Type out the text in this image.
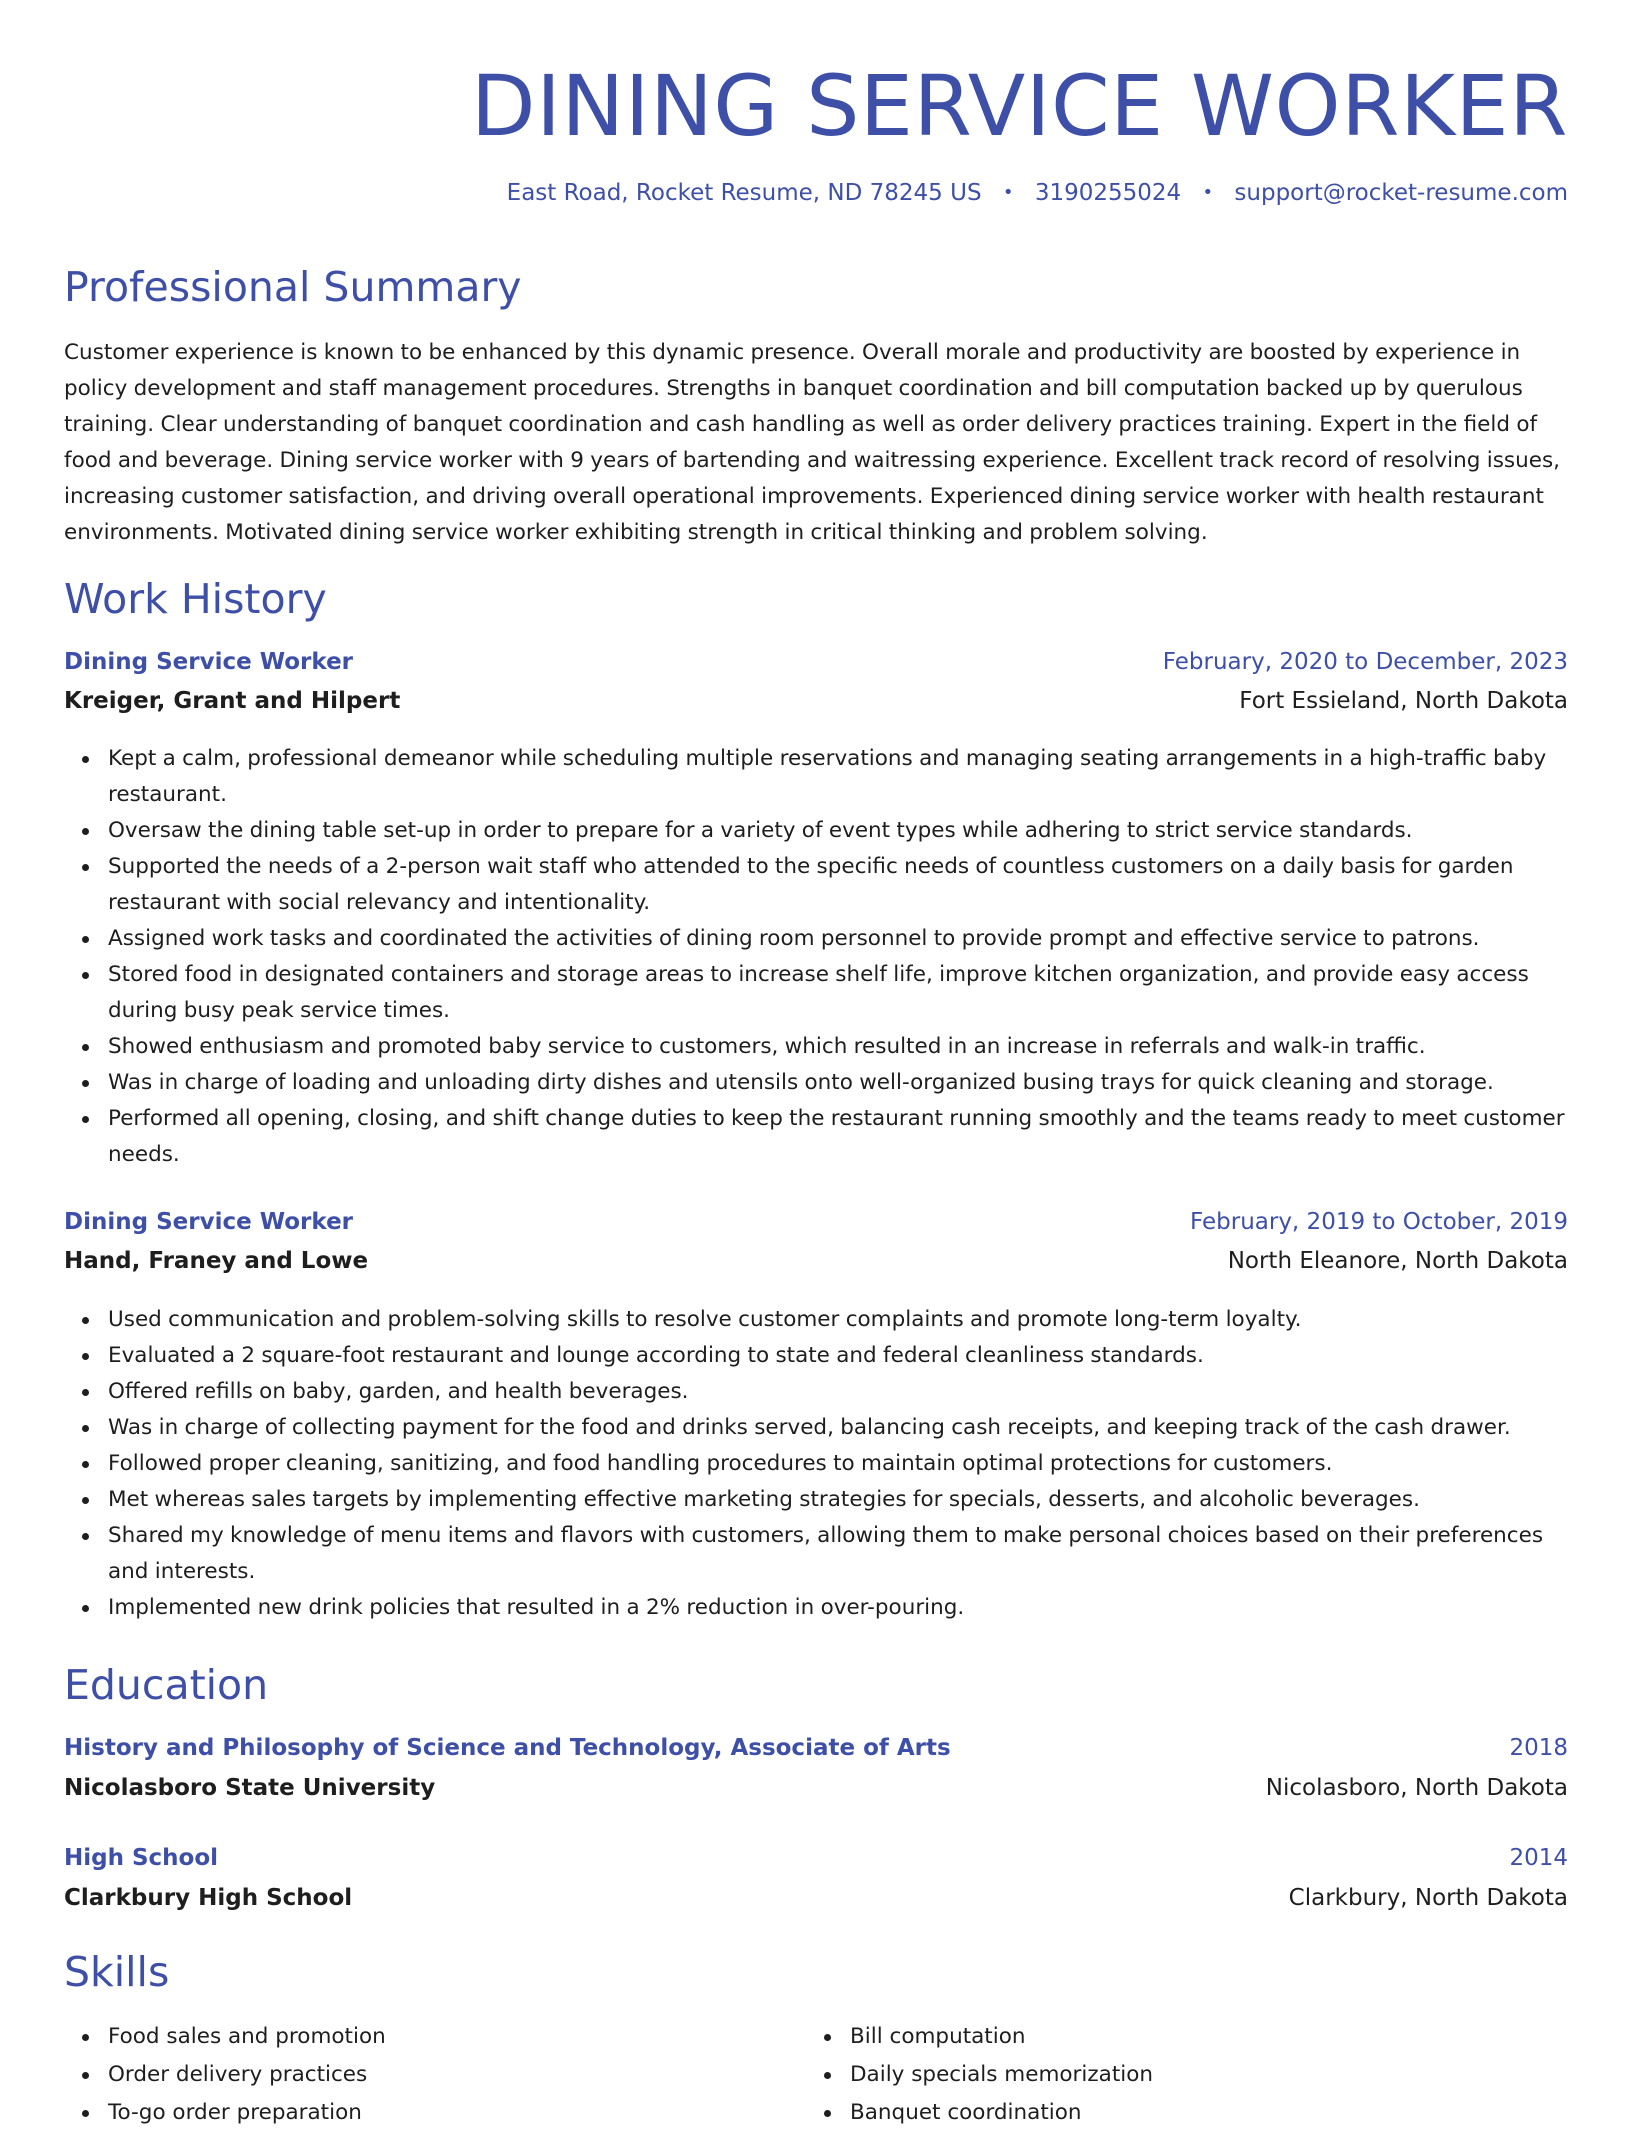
DINING SERVICE WORKER
East Road, Rocket Resume, ND 78245 US • 3190255024 • support@rocket-resume.com
Professional Summary

Customer experience is known to be enhanced by this dynamic presence. Overall morale and productivity are boosted by experience in policy development and staff management procedures. Strengths in banquet coordination and bill computation backed up by querulous training. Clear understanding of banquet coordination and cash handling as well as order delivery practices training. Expert in the field of food and beverage. Dining service worker with 9 years of bartending and waitressing experience. Excellent track record of resolving issues, increasing customer satisfaction, and driving overall operational improvements. Experienced dining service worker with health restaurant environments. Motivated dining service worker exhibiting strength in critical thinking and problem solving.

Work History
Dining Service Worker	February, 2020 to December, 2023
Kreiger, Grant and Hilpert	Fort Essieland, North Dakota
Kept a calm, professional demeanor while scheduling multiple reservations and managing seating arrangements in a high-traffic baby restaurant.
Oversaw the dining table set-up in order to prepare for a variety of event types while adhering to strict service standards.
Supported the needs of a 2-person wait staff who attended to the specific needs of countless customers on a daily basis for garden restaurant with social relevancy and intentionality.
Assigned work tasks and coordinated the activities of dining room personnel to provide prompt and effective service to patrons.
Stored food in designated containers and storage areas to increase shelf life, improve kitchen organization, and provide easy access during busy peak service times.
Showed enthusiasm and promoted baby service to customers, which resulted in an increase in referrals and walk-in traffic.
Was in charge of loading and unloading dirty dishes and utensils onto well-organized busing trays for quick cleaning and storage.
Performed all opening, closing, and shift change duties to keep the restaurant running smoothly and the teams ready to meet customer needs.
Dining Service Worker	February, 2019 to October, 2019
Hand, Franey and Lowe	North Eleanore, North Dakota
Used communication and problem-solving skills to resolve customer complaints and promote long-term loyalty.
Evaluated a 2 square-foot restaurant and lounge according to state and federal cleanliness standards.
Offered refills on baby, garden, and health beverages.
Was in charge of collecting payment for the food and drinks served, balancing cash receipts, and keeping track of the cash drawer.
Followed proper cleaning, sanitizing, and food handling procedures to maintain optimal protections for customers.
Met whereas sales targets by implementing effective marketing strategies for specials, desserts, and alcoholic beverages.
Shared my knowledge of menu items and flavors with customers, allowing them to make personal choices based on their preferences and interests.
Implemented new drink policies that resulted in a 2% reduction in over-pouring.
Education
History and Philosophy of Science and Technology, Associate of Arts	2018
Nicolasboro State University	Nicolasboro, North Dakota
High School	2014
Clarkbury High School	Clarkbury, North Dakota
Skills
Food sales and promotion
Order delivery practices
To-go order preparation
Bill computation
Daily specials memorization
Banquet coordination
